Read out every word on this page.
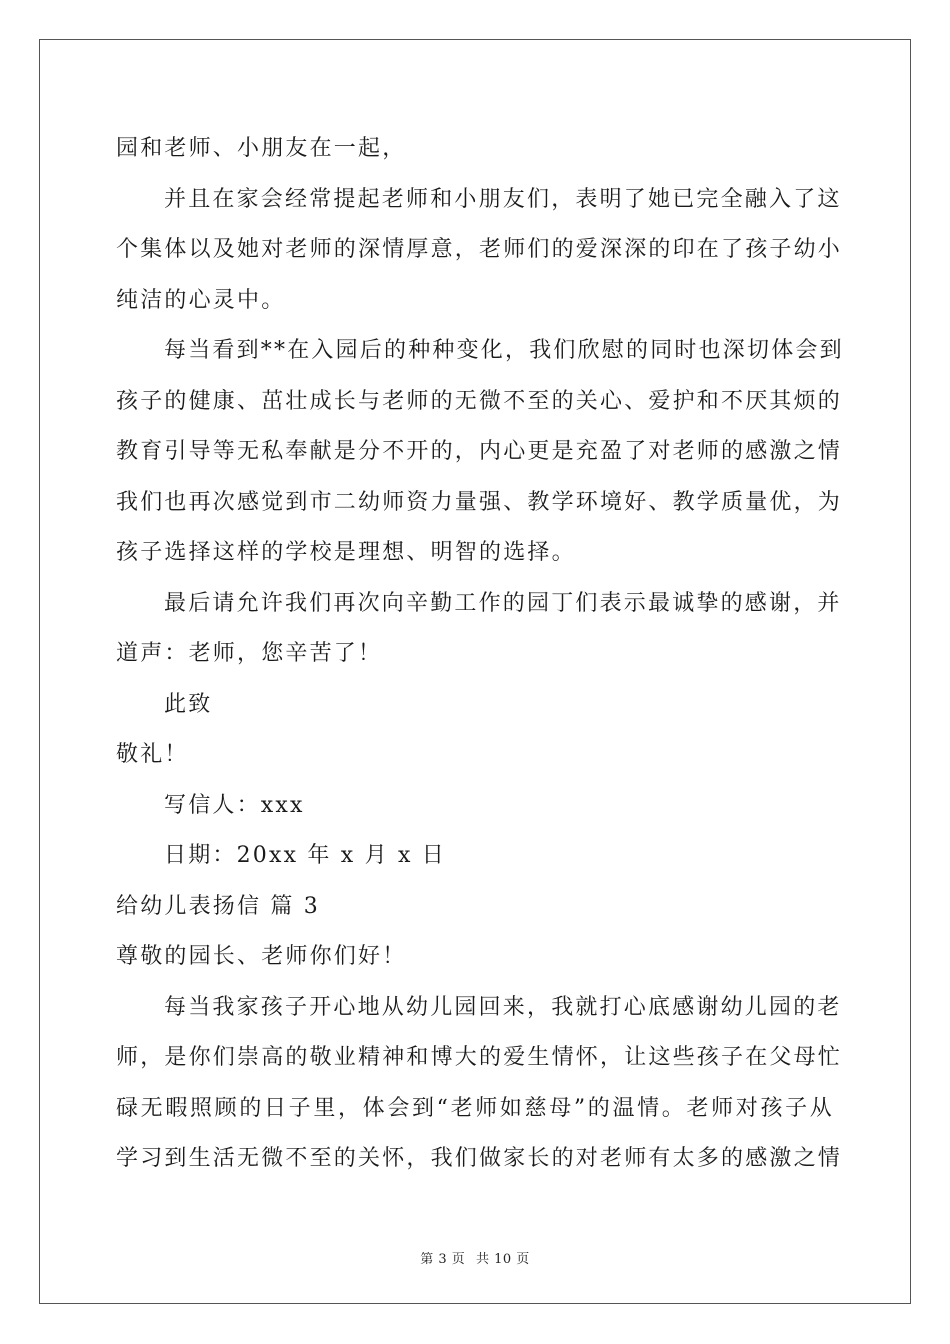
园和老师、小朋友在一起，
并且在家会经常提起老师和小朋友们，表明了她已完全融入了这
个集体以及她对老师的深情厚意，老师们的爱深深的印在了孩子幼小
纯洁的心灵中。
每当看到**在入园后的种种变化，我们欣慰的同时也深切体会到
孩子的健康、茁壮成长与老师的无微不至的关心、爱护和不厌其烦的
教育引导等无私奉献是分不开的，内心更是充盈了对老师的感激之情
我们也再次感觉到市二幼师资力量强、教学环境好、教学质量优，为
孩子选择这样的学校是理想、明智的选择。
最后请允许我们再次向辛勤工作的园丁们表示最诚挚的感谢，并
道声：老师，您辛苦了！
此致
敬礼！
写信人：xxx
日期：20xx 年 x 月 x 日
给幼儿表扬信 篇 3
尊敬的园长、老师你们好！
每当我家孩子开心地从幼儿园回来，我就打心底感谢幼儿园的老
师，是你们崇高的敬业精神和博大的爱生情怀，让这些孩子在父母忙
碌无暇照顾的日子里，体会到“老师如慈母”的温情。老师对孩子从
学习到生活无微不至的关怀，我们做家长的对老师有太多的感激之情
第 3 页 共 10 页
